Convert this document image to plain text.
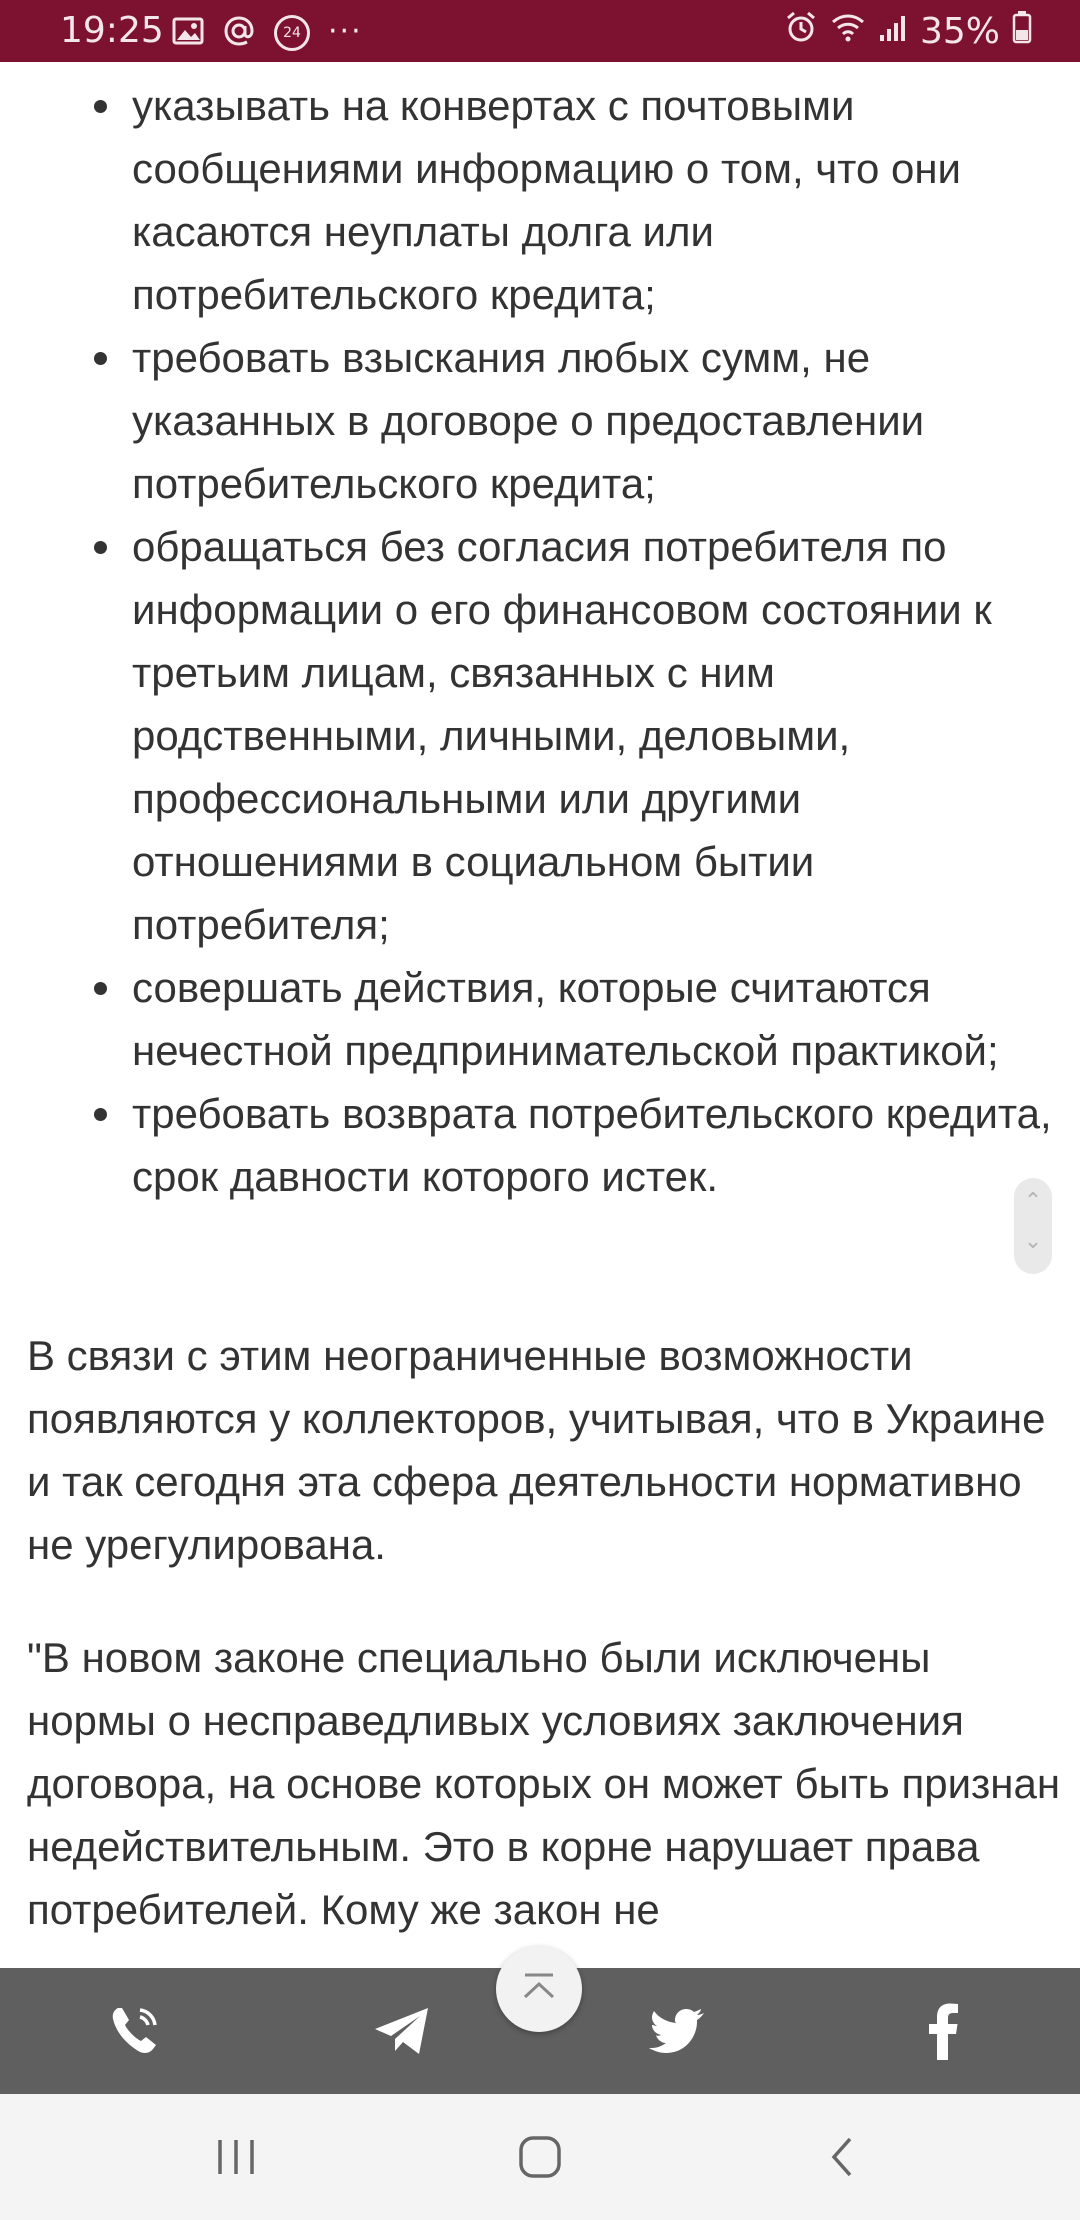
19:25	24 ···	35%
указывать на конвертах с почтовыми сообщениями информацию о том, что они касаются неуплаты долга или потребительского кредита;
требовать взыскания любых сумм, не указанных в договоре о предоставлении потребительского кредита;
обращаться без согласия потребителя по информации о его финансовом состоянии к третьим лицам, связанных с ним родственными, личными, деловыми, профессиональными или другими отношениями в социальном бытии потребителя;
совершать действия, которые считаются нечестной предпринимательской практикой;
требовать возврата потребительского кредита, срок давности которого истек.

В связи с этим неограниченные возможности появляются у коллекторов, учитывая, что в Украине и так сегодня эта сфера деятельности нормативно не урегулирована.

"В новом законе специально были исключены нормы о несправедливых условиях заключения договора, на основе которых он может быть признан недействительным. Это в корне нарушает права потребителей. Кому же закон не

⌃
⌄
